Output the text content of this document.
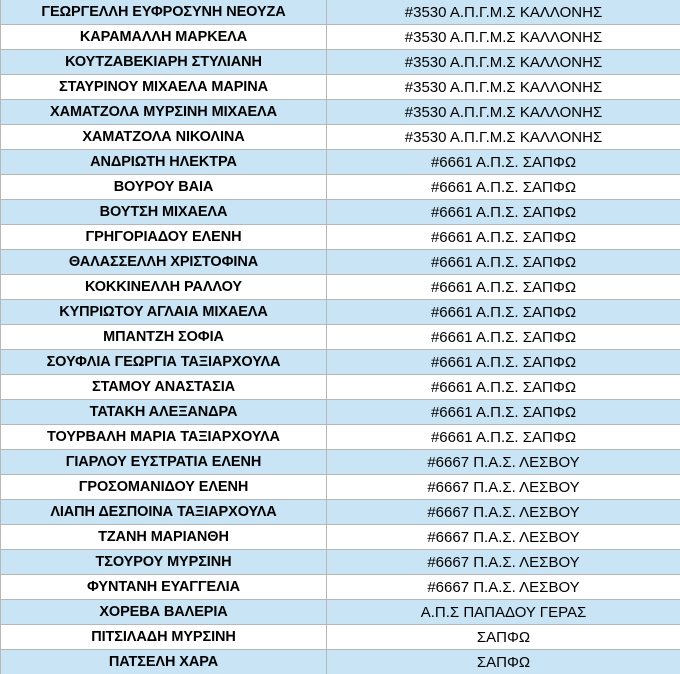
ΓΕΩΡΓΕΛΛΗ ΕΥΦΡΟΣΥΝΗ ΝΕΟΥΖΑ	#3530 Α.Π.Γ.Μ.Σ ΚΑΛΛΟΝΗΣ
ΚΑΡΑΜΑΛΛΗ ΜΑΡΚΕΛΑ	#3530 Α.Π.Γ.Μ.Σ ΚΑΛΛΟΝΗΣ
ΚΟΥΤΖΑΒΕΚΙΑΡΗ ΣΤΥΛΙΑΝΗ	#3530 Α.Π.Γ.Μ.Σ ΚΑΛΛΟΝΗΣ
ΣΤΑΥΡΙΝΟΥ ΜΙΧΑΕΛΑ ΜΑΡΙΝΑ	#3530 Α.Π.Γ.Μ.Σ ΚΑΛΛΟΝΗΣ
ΧΑΜΑΤΖΟΛΑ ΜΥΡΣΙΝΗ ΜΙΧΑΕΛΑ	#3530 Α.Π.Γ.Μ.Σ ΚΑΛΛΟΝΗΣ
ΧΑΜΑΤΖΟΛΑ ΝΙΚΟΛΙΝΑ	#3530 Α.Π.Γ.Μ.Σ ΚΑΛΛΟΝΗΣ
ΑΝΔΡΙΩΤΗ ΗΛΕΚΤΡΑ	#6661 Α.Π.Σ. ΣΑΠΦΩ
ΒΟΥΡΟΥ ΒΑΙΑ	#6661 Α.Π.Σ. ΣΑΠΦΩ
ΒΟΥΤΣΗ ΜΙΧΑΕΛΑ	#6661 Α.Π.Σ. ΣΑΠΦΩ
ΓΡΗΓΟΡΙΑΔΟΥ ΕΛΕΝΗ	#6661 Α.Π.Σ. ΣΑΠΦΩ
ΘΑΛΑΣΣΕΛΛΗ ΧΡΙΣΤΟΦΙΝΑ	#6661 Α.Π.Σ. ΣΑΠΦΩ
ΚΟΚΚΙΝΕΛΛΗ ΡΑΛΛΟΥ	#6661 Α.Π.Σ. ΣΑΠΦΩ
ΚΥΠΡΙΩΤΟΥ ΑΓΛΑΙΑ ΜΙΧΑΕΛΑ	#6661 Α.Π.Σ. ΣΑΠΦΩ
ΜΠΑΝΤΖΗ ΣΟΦΙΑ	#6661 Α.Π.Σ. ΣΑΠΦΩ
ΣΟΥΦΛΙΑ ΓΕΩΡΓΙΑ ΤΑΞΙΑΡΧΟΥΛΑ	#6661 Α.Π.Σ. ΣΑΠΦΩ
ΣΤΑΜΟΥ ΑΝΑΣΤΑΣΙΑ	#6661 Α.Π.Σ. ΣΑΠΦΩ
ΤΑΤΑΚΗ ΑΛΕΞΑΝΔΡΑ	#6661 Α.Π.Σ. ΣΑΠΦΩ
ΤΟΥΡΒΑΛΗ ΜΑΡΙΑ ΤΑΞΙΑΡΧΟΥΛΑ	#6661 Α.Π.Σ. ΣΑΠΦΩ
ΓΙΑΡΛΟΥ ΕΥΣΤΡΑΤΙΑ ΕΛΕΝΗ	#6667 Π.Α.Σ. ΛΕΣΒΟΥ
ΓΡΟΣΟΜΑΝΙΔΟΥ ΕΛΕΝΗ	#6667 Π.Α.Σ. ΛΕΣΒΟΥ
ΛΙΑΠΗ ΔΕΣΠΟΙΝΑ ΤΑΞΙΑΡΧΟΥΛΑ	#6667 Π.Α.Σ. ΛΕΣΒΟΥ
ΤΖΑΝΗ ΜΑΡΙΑΝΘΗ	#6667 Π.Α.Σ. ΛΕΣΒΟΥ
ΤΣΟΥΡΟΥ ΜΥΡΣΙΝΗ	#6667 Π.Α.Σ. ΛΕΣΒΟΥ
ΦΥΝΤΑΝΗ ΕΥΑΓΓΕΛΙΑ	#6667 Π.Α.Σ. ΛΕΣΒΟΥ
ΧΟΡΕΒΑ ΒΑΛΕΡΙΑ	Α.Π.Σ ΠΑΠΑΔΟΥ ΓΕΡΑΣ
ΠΙΤΣΙΛΑΔΗ ΜΥΡΣΙΝΗ	ΣΑΠΦΩ
ΠΑΤΣΕΛΗ ΧΑΡΑ	ΣΑΠΦΩ
